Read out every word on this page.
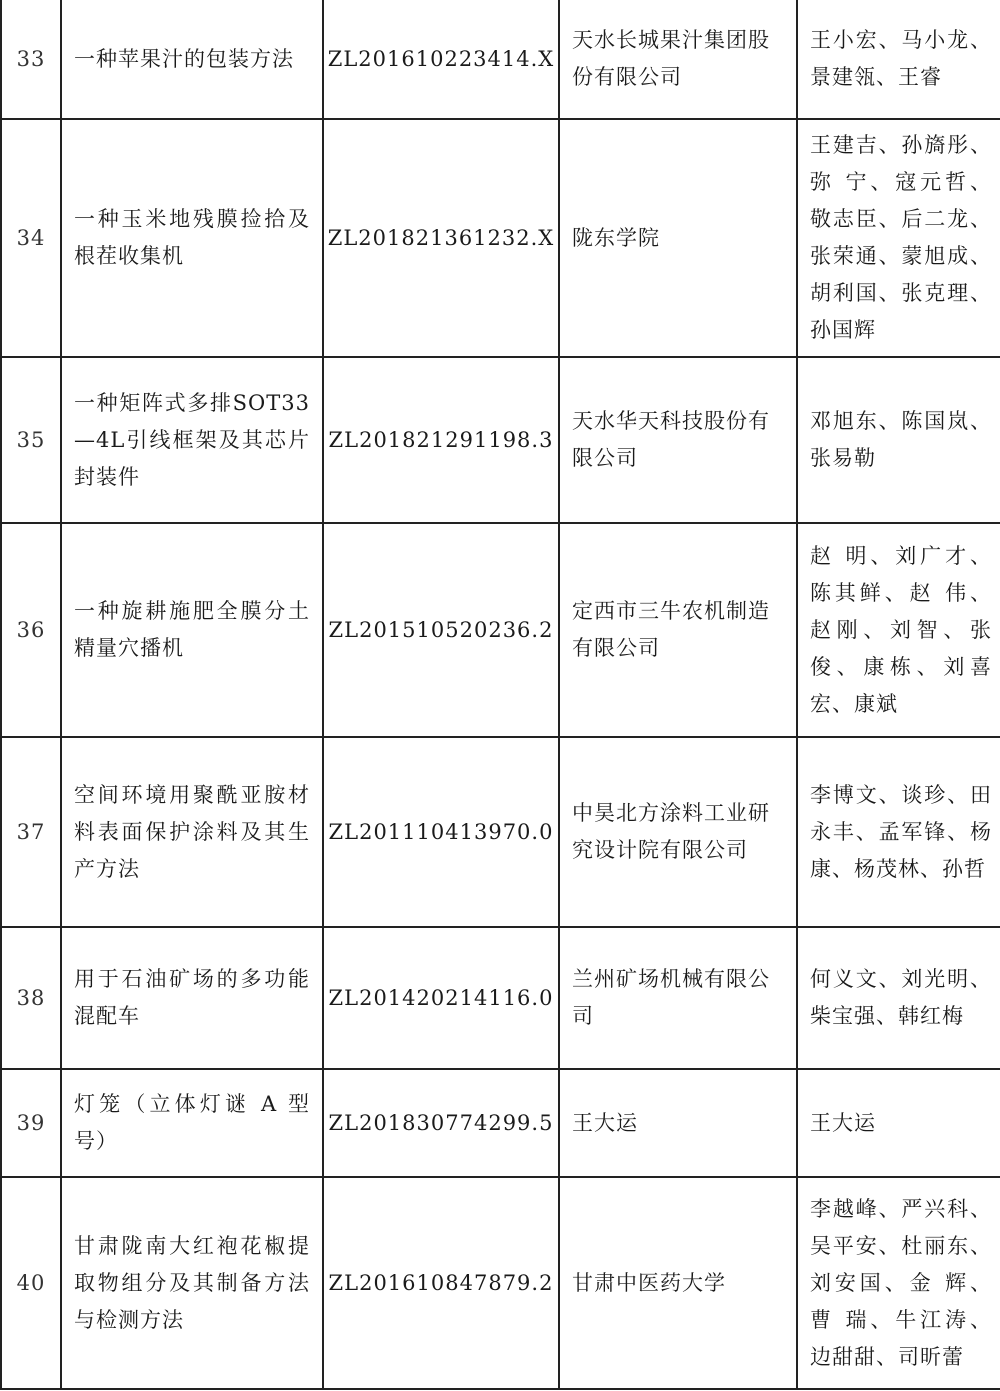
33	一种苹果汁的包装方法	ZL201610223414.X	天水长城果汁集团股份有限公司	王小宏、马小龙、景建瓴、王睿

34	一种玉米地残膜捡拾及根茬收集机	ZL201821361232.X	陇东学院	王建吉、孙旖彤、弥 宁、寇元哲、敬志臣、后二龙、张荣通、蒙旭成、胡利国、张克理、孙国辉

35	一种矩阵式多排SOT33—4L引线框架及其芯片封装件	ZL201821291198.3	天水华天科技股份有限公司	邓旭东、陈国岚、张易勒

36	一种旋耕施肥全膜分土精量穴播机	ZL201510520236.2	定西市三牛农机制造有限公司	赵 明、刘广才、陈其鲜、赵 伟、赵刚、刘智、张俊、康栋、刘喜宏、康斌

37	空间环境用聚酰亚胺材料表面保护涂料及其生产方法	ZL201110413970.0	中昊北方涂料工业研究设计院有限公司	李博文、谈珍、田永丰、孟军锋、杨 康、杨茂林、孙哲

38	用于石油矿场的多功能混配车	ZL201420214116.0	兰州矿场机械有限公司	何义文、刘光明、柴宝强、韩红梅

39	灯笼（立体灯谜 A 型号）	ZL201830774299.5	王大运	王大运

40	甘肃陇南大红袍花椒提取物组分及其制备方法与检测方法	ZL201610847879.2	甘肃中医药大学	李越峰、严兴科、吴平安、杜丽东、刘安国、金 辉、曹 瑞、牛江涛、边甜甜、司昕蕾
